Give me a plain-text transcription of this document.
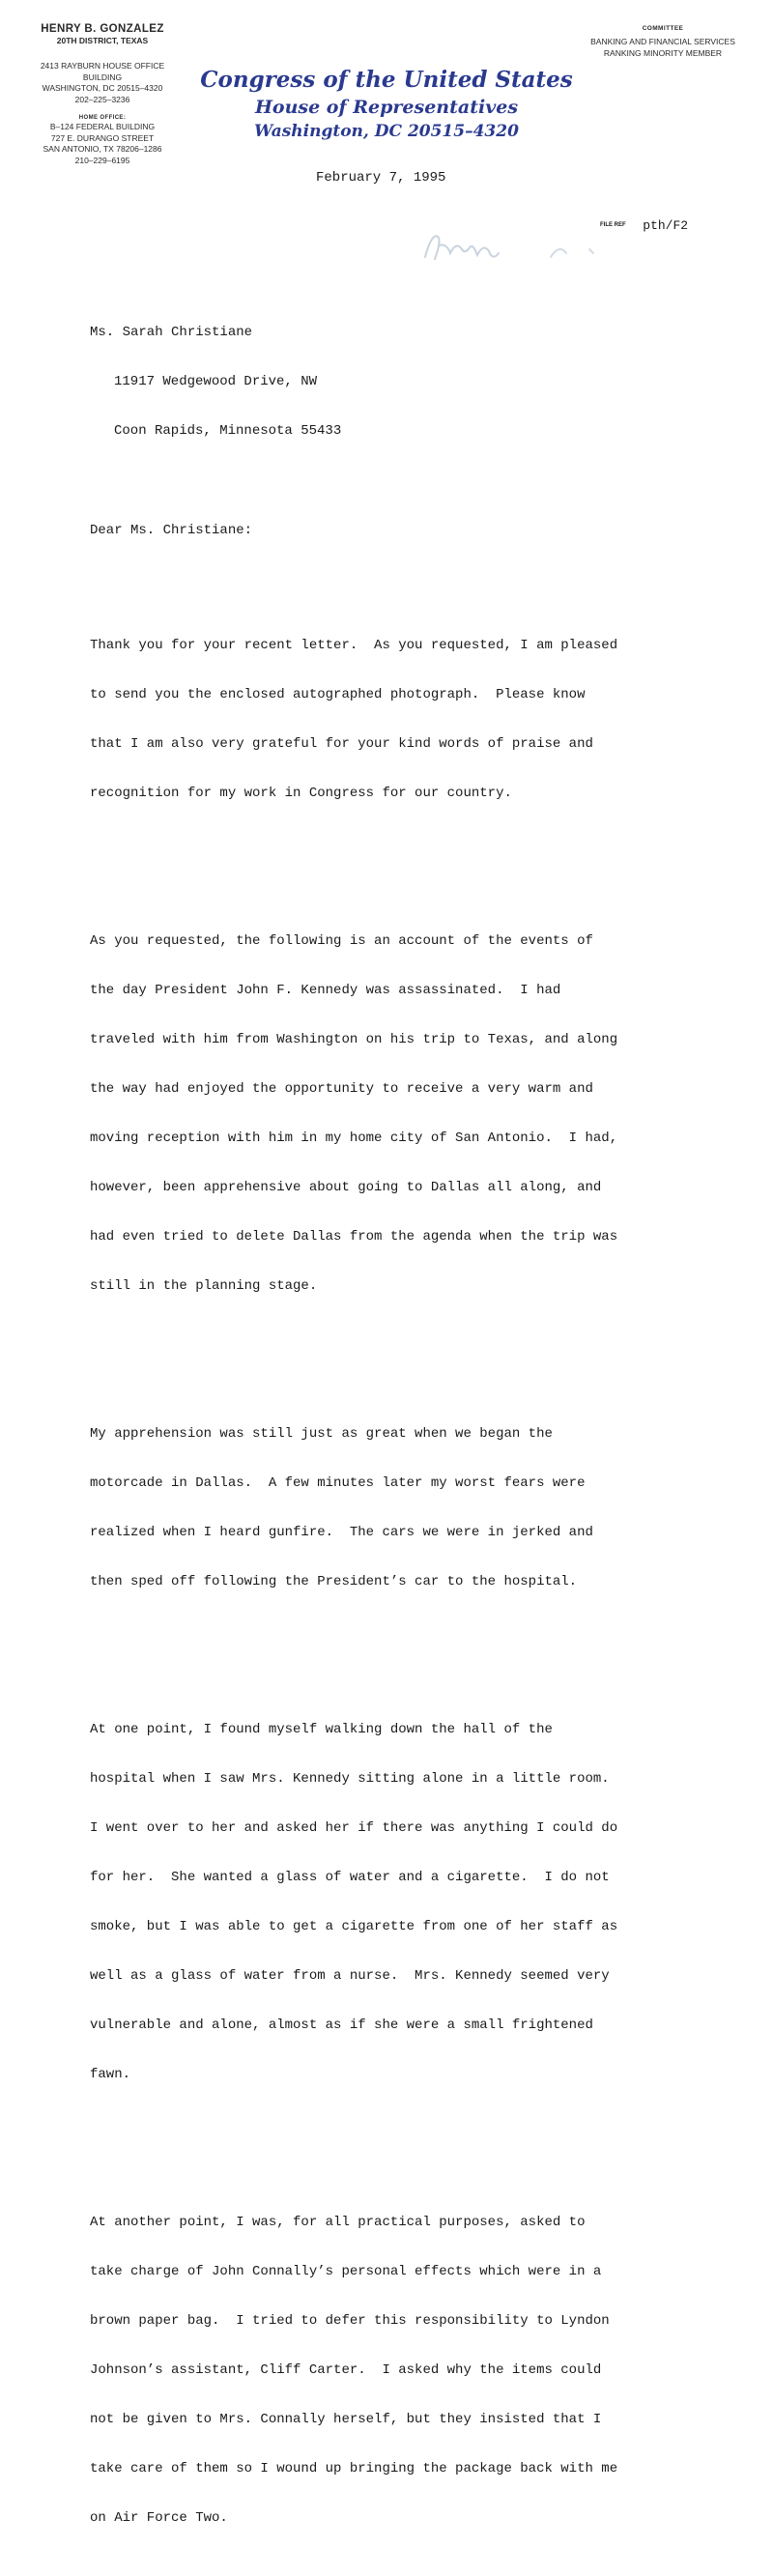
HENRY B. GONZALEZ
20TH DISTRICT, TEXAS
2413 RAYBURN HOUSE OFFICE BUILDING
WASHINGTON, DC 20515–4320
202–225–3236
HOME OFFICE:
B–124 FEDERAL BUILDING
727 E. DURANGO STREET
SAN ANTONIO, TX 78206–1286
210–229–6195
COMMITTEE
BANKING AND FINANCIAL SERVICES
RANKING MINORITY MEMBER
Congress of the United States
House of Representatives
Washington, DC 20515–4320
February 7, 1995
FILE REF pth/F2

Ms. Sarah Christiane

11917 Wedgewood Drive, NW

Coon Rapids, Minnesota 55433

Dear Ms. Christiane:

Thank you for your recent letter.  As you requested, I am pleased

to send you the enclosed autographed photograph.  Please know

that I am also very grateful for your kind words of praise and

recognition for my work in Congress for our country.

As you requested, the following is an account of the events of

the day President John F. Kennedy was assassinated.  I had

traveled with him from Washington on his trip to Texas, and along

the way had enjoyed the opportunity to receive a very warm and

moving reception with him in my home city of San Antonio.  I had,

however, been apprehensive about going to Dallas all along, and

had even tried to delete Dallas from the agenda when the trip was

still in the planning stage.

My apprehension was still just as great when we began the

motorcade in Dallas.  A few minutes later my worst fears were

realized when I heard gunfire.  The cars we were in jerked and

then sped off following the President’s car to the hospital.

At one point, I found myself walking down the hall of the

hospital when I saw Mrs. Kennedy sitting alone in a little room.

I went over to her and asked her if there was anything I could do

for her.  She wanted a glass of water and a cigarette.  I do not

smoke, but I was able to get a cigarette from one of her staff as

well as a glass of water from a nurse.  Mrs. Kennedy seemed very

vulnerable and alone, almost as if she were a small frightened

fawn.

At another point, I was, for all practical purposes, asked to

take charge of John Connally’s personal effects which were in a

brown paper bag.  I tried to defer this responsibility to Lyndon

Johnson’s assistant, Cliff Carter.  I asked why the items could

not be given to Mrs. Connally herself, but they insisted that I

take care of them so I wound up bringing the package back with me

on Air Force Two.
